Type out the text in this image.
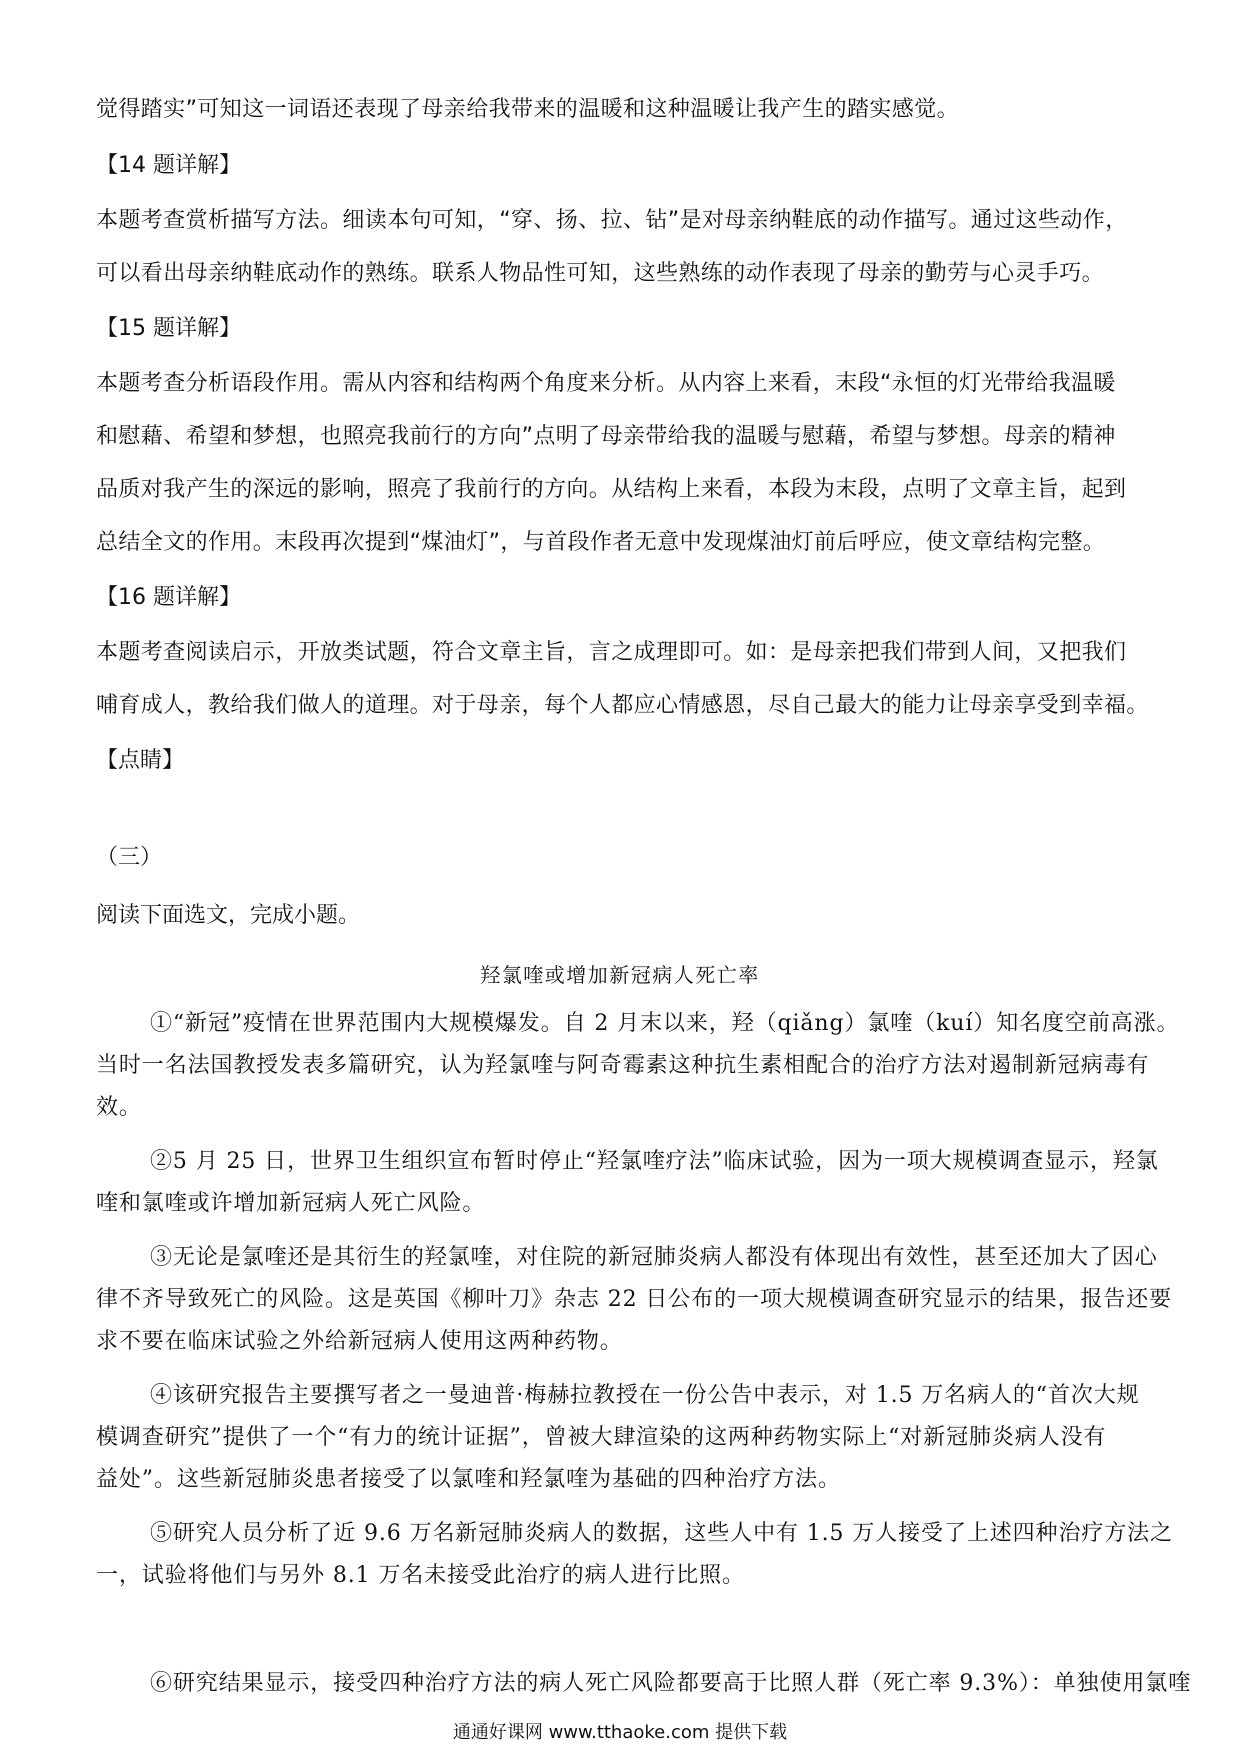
觉得踏实”可知这一词语还表现了母亲给我带来的温暖和这种温暖让我产生的踏实感觉。
【14 题详解】
本题考查赏析描写方法。细读本句可知，“穿、扬、拉、钻”是对母亲纳鞋底的动作描写。通过这些动作，
可以看出母亲纳鞋底动作的熟练。联系人物品性可知，这些熟练的动作表现了母亲的勤劳与心灵手巧。
【15 题详解】
本题考查分析语段作用。需从内容和结构两个角度来分析。从内容上来看，末段“永恒的灯光带给我温暖
和慰藉、希望和梦想，也照亮我前行的方向”点明了母亲带给我的温暖与慰藉，希望与梦想。母亲的精神
品质对我产生的深远的影响，照亮了我前行的方向。从结构上来看，本段为末段，点明了文章主旨，起到
总结全文的作用。末段再次提到“煤油灯”，与首段作者无意中发现煤油灯前后呼应，使文章结构完整。
【16 题详解】
本题考查阅读启示，开放类试题，符合文章主旨，言之成理即可。如：是母亲把我们带到人间，又把我们
哺育成人，教给我们做人的道理。对于母亲，每个人都应心情感恩，尽自己最大的能力让母亲享受到幸福。
【点睛】
（三）
阅读下面选文，完成小题。
羟氯喹或增加新冠病人死亡率
①“新冠”疫情在世界范围内大规模爆发。自 2 月末以来，羟（qiǎng）氯喹（kuí）知名度空前高涨。
当时一名法国教授发表多篇研究，认为羟氯喹与阿奇霉素这种抗生素相配合的治疗方法对遏制新冠病毒有
效。
②5 月 25 日，世界卫生组织宣布暂时停止“羟氯喹疗法”临床试验，因为一项大规模调查显示，羟氯
喹和氯喹或许增加新冠病人死亡风险。
③无论是氯喹还是其衍生的羟氯喹，对住院的新冠肺炎病人都没有体现出有效性，甚至还加大了因心
律不齐导致死亡的风险。这是英国《柳叶刀》杂志 22 日公布的一项大规模调查研究显示的结果，报告还要
求不要在临床试验之外给新冠病人使用这两种药物。
④该研究报告主要撰写者之一曼迪普·梅赫拉教授在一份公告中表示，对 1.5 万名病人的“首次大规
模调查研究”提供了一个“有力的统计证据”，曾被大肆渲染的这两种药物实际上“对新冠肺炎病人没有
益处”。这些新冠肺炎患者接受了以氯喹和羟氯喹为基础的四种治疗方法。
⑤研究人员分析了近 9.6 万名新冠肺炎病人的数据，这些人中有 1.5 万人接受了上述四种治疗方法之
一，试验将他们与另外 8.1 万名未接受此治疗的病人进行比照。
通通好课网 www.tthaoke.com 提供下载
⑥研究结果显示，接受四种治疗方法的病人死亡风险都要高于比照人群（死亡率 9.3%）：单独使用氯喹
